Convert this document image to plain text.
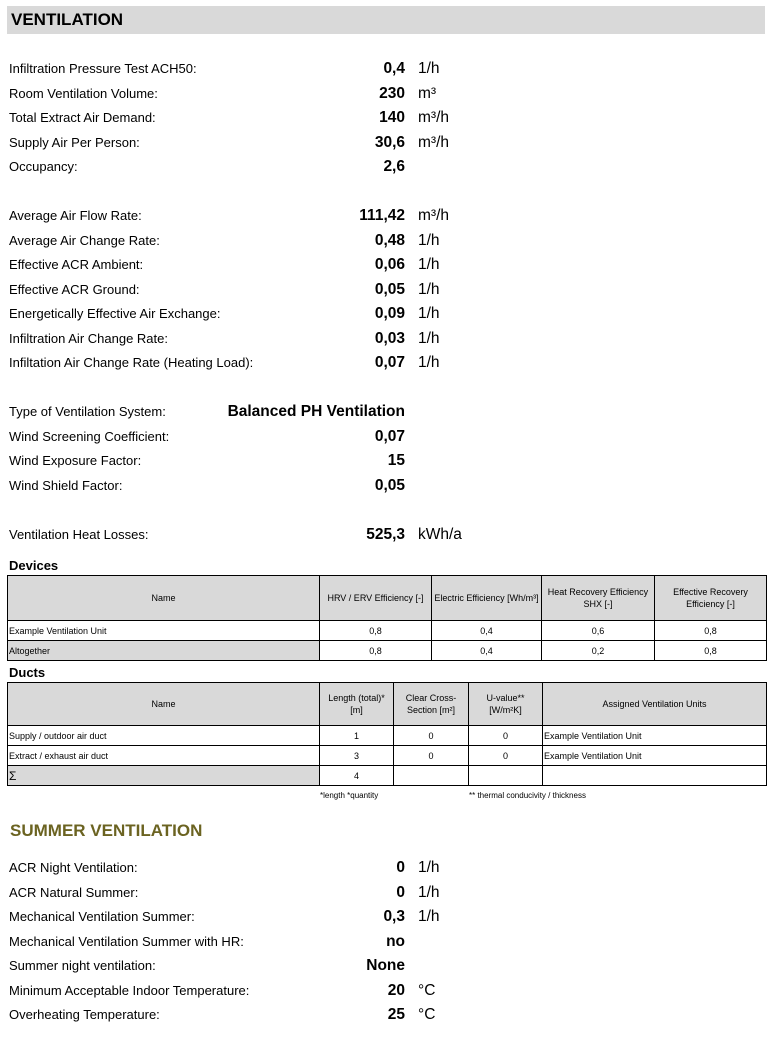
VENTILATION
Infiltration Pressure Test ACH50:	0,4 1/h
Room Ventilation Volume:	230 m³
Total Extract Air Demand:	140 m³/h
Supply Air Per Person:	30,6 m³/h
Occupancy:	2,6
Average Air Flow Rate:	111,42 m³/h
Average Air Change Rate:	0,48 1/h
Effective ACR Ambient:	0,06 1/h
Effective ACR Ground:	0,05 1/h
Energetically Effective Air Exchange:	0,09 1/h
Infiltration Air Change Rate:	0,03 1/h
Infiltation Air Change Rate (Heating Load):	0,07 1/h
Type of Ventilation System:	Balanced PH Ventilation
Wind Screening Coefficient:	0,07
Wind Exposure Factor:	15
Wind Shield Factor:	0,05
Ventilation Heat Losses:	525,3 kWh/a
Devices
Name	HRV / ERV Efficiency [-]	Electric Efficiency [Wh/m³]	Heat Recovery Efficiency SHX [-]	Effective Recovery Efficiency [-]
Example Ventilation Unit	0,8	0,4	0,6	0,8
Altogether	0,8	0,4	0,2	0,8
Ducts
Name	Length (total)* [m]	Clear Cross-Section [m²]	U-value** [W/m²K]	Assigned Ventilation Units
Supply / outdoor air duct	1	0	0	Example Ventilation Unit
Extract / exhaust air duct	3	0	0	Example Ventilation Unit
Σ	4			
*length *quantity	** thermal conducivity / thickness
SUMMER VENTILATION
ACR Night Ventilation:	0 1/h
ACR Natural Summer:	0 1/h
Mechanical Ventilation Summer:	0,3 1/h
Mechanical Ventilation Summer with HR:	no
Summer night ventilation:	None
Minimum Acceptable Indoor Temperature:	20 °C
Overheating Temperature:	25 °C
